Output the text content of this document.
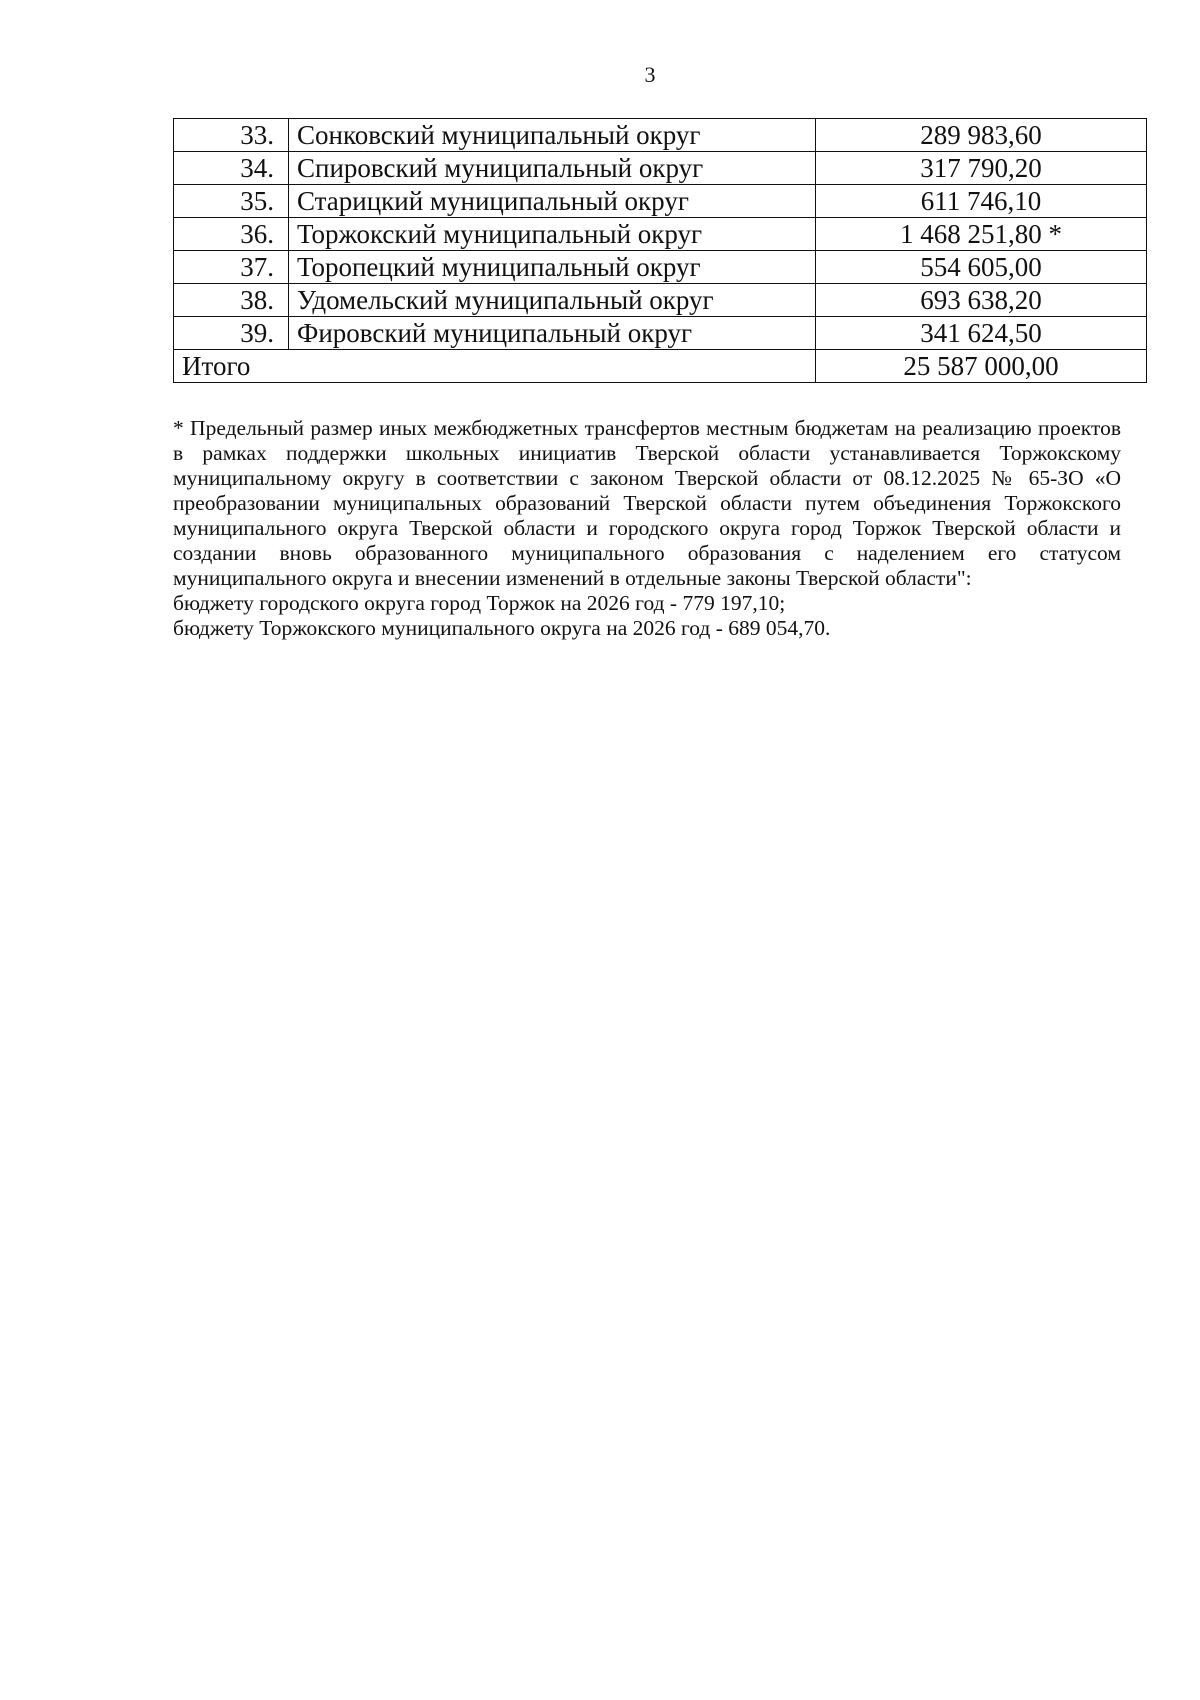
3
33.	Сонковский муниципальный округ	289 983,60
34.	Спировский муниципальный округ	317 790,20
35.	Старицкий муниципальный округ	611 746,10
36.	Торжокский муниципальный округ	1 468 251,80 *
37.	Торопецкий муниципальный округ	554 605,00
38.	Удомельский муниципальный округ	693 638,20
39.	Фировский муниципальный округ	341 624,50
Итого		25 587 000,00

* Предельный размер иных межбюджетных трансфертов местным бюджетам на реализацию проектов в рамках поддержки школьных инициатив Тверской области устанавливается Торжокскому муниципальному округу в соответствии с законом Тверской области от 08.12.2025 № 65-ЗО «О преобразовании муниципальных образований Тверской области путем объединения Торжокского муниципального округа Тверской области и городского округа город Торжок Тверской области и создании вновь образованного муниципального образования с наделением его статусом муниципального округа и внесении изменений в отдельные законы Тверской области":

бюджету городского округа город Торжок на 2026 год - 779 197,10;

бюджету Торжокского муниципального округа на 2026 год - 689 054,70.
